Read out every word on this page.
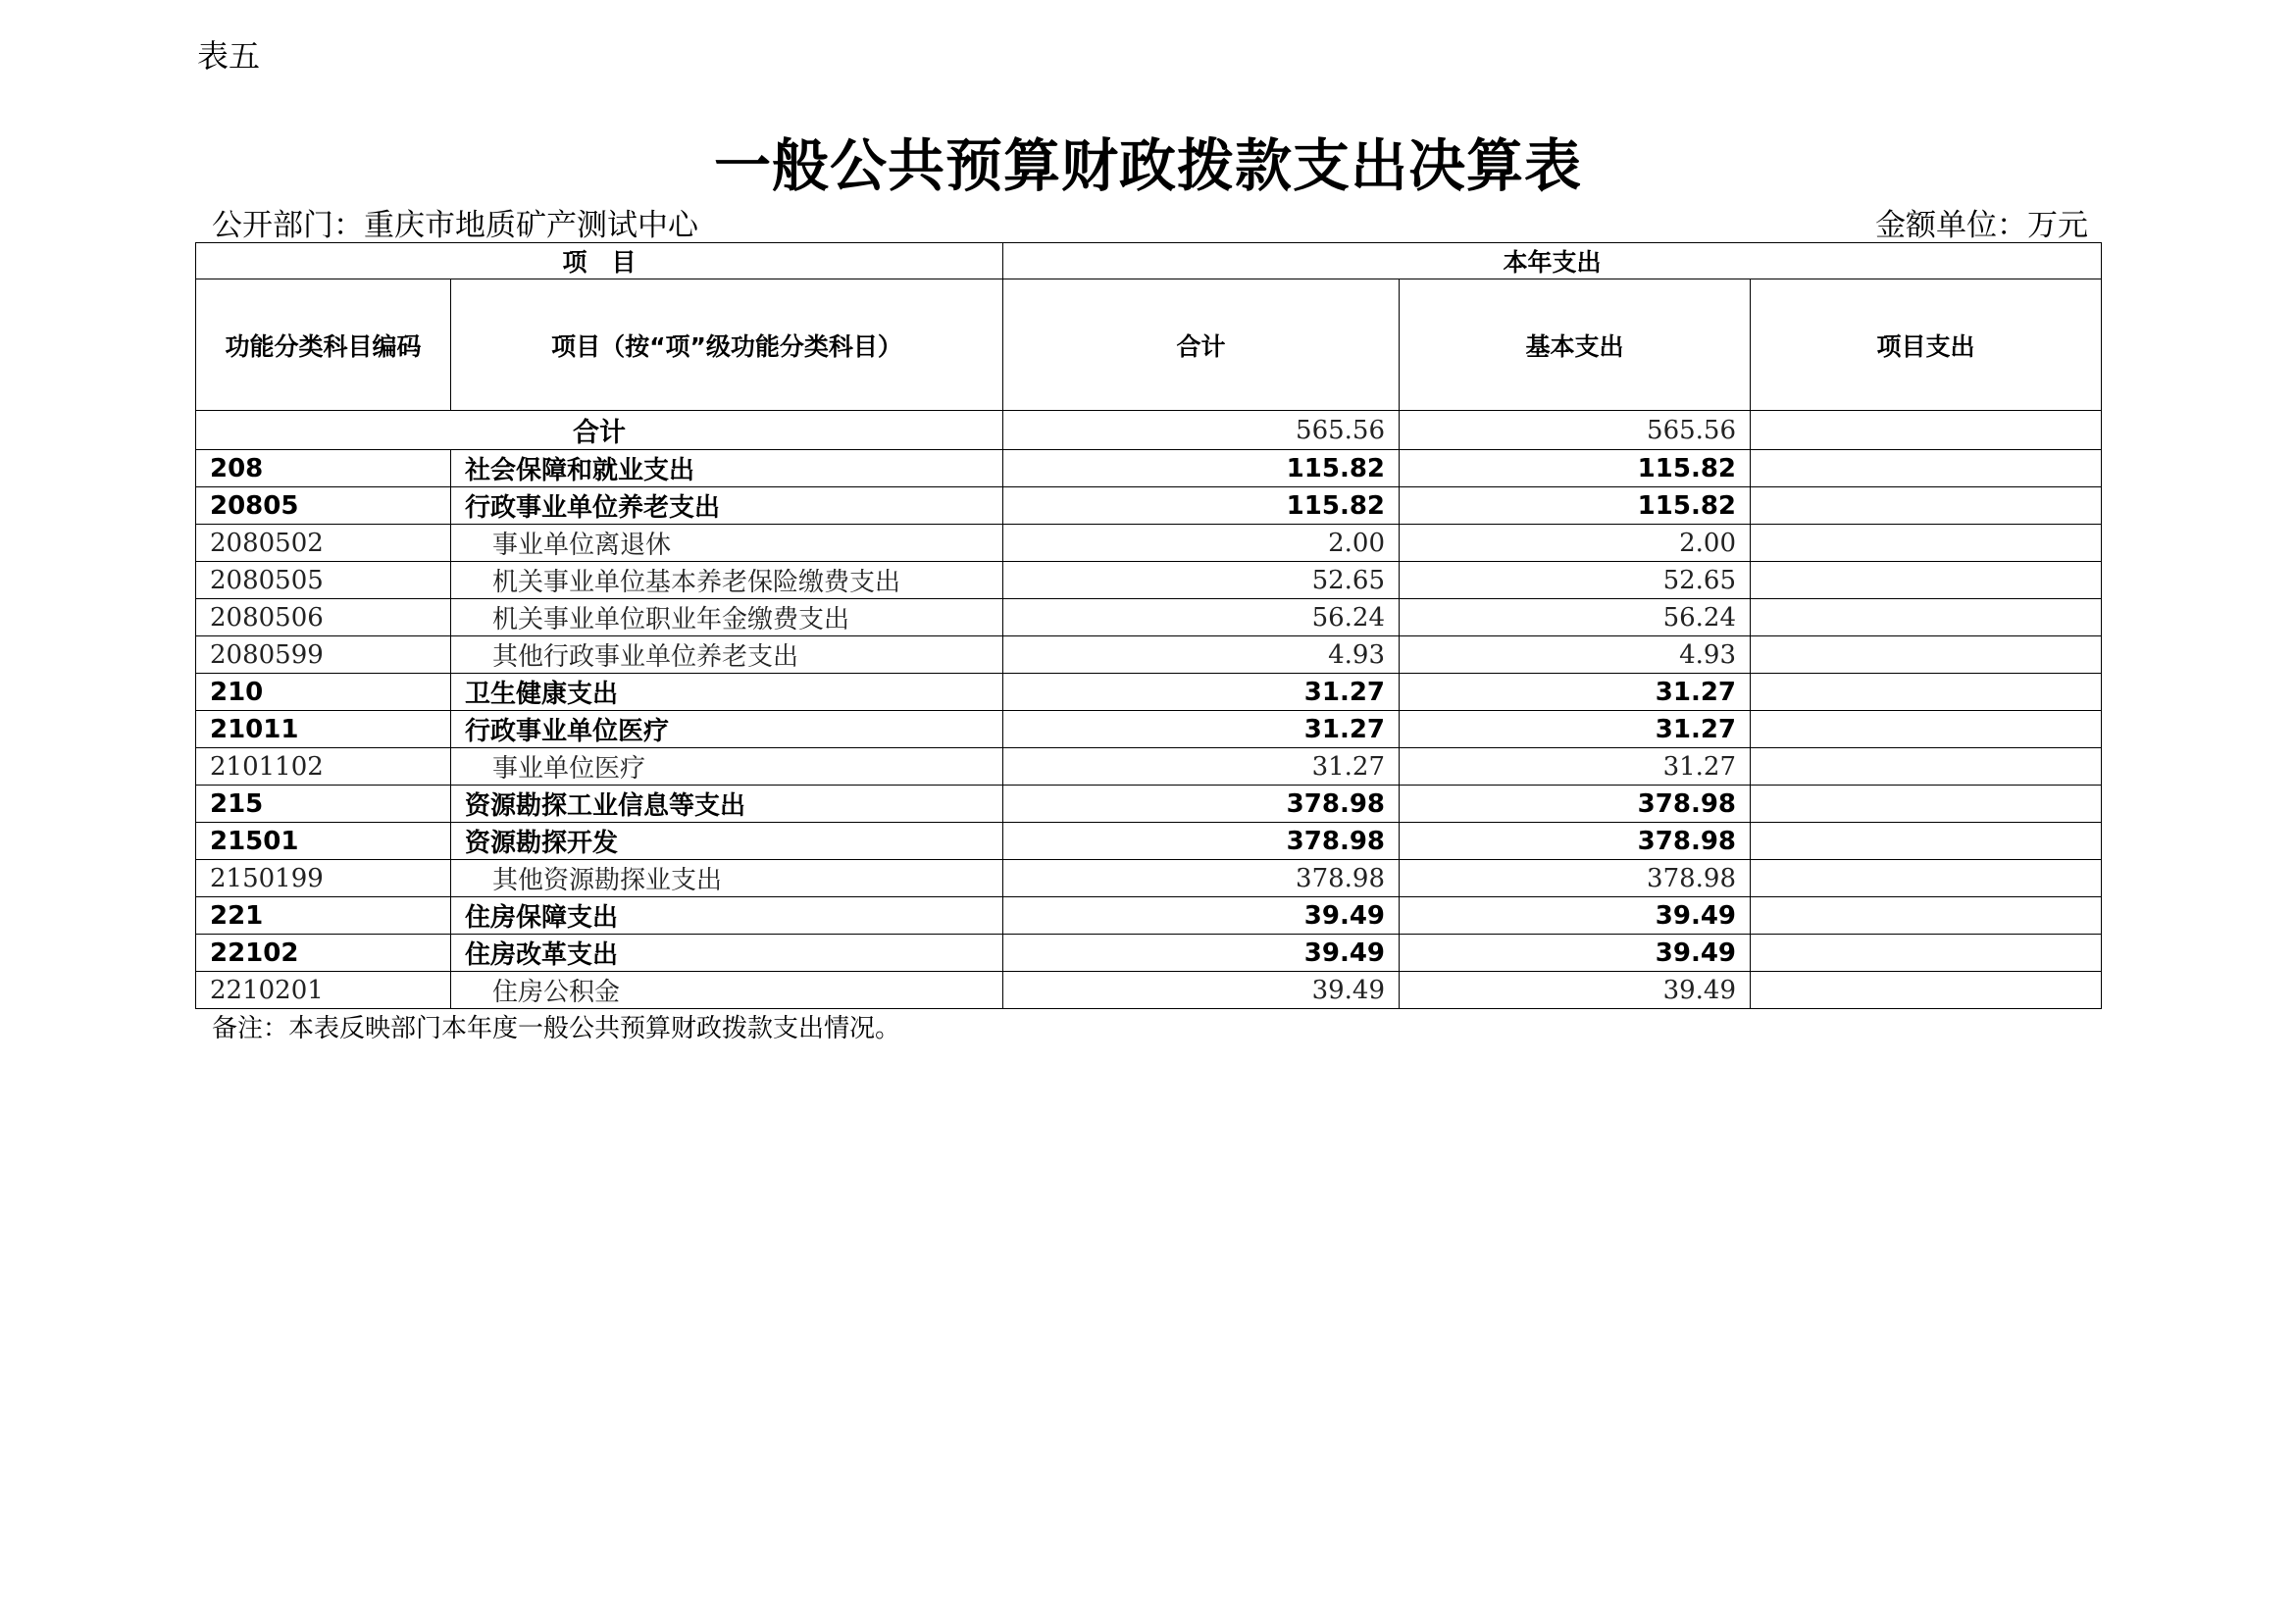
表五
一般公共预算财政拨款支出决算表
公开部门：重庆市地质矿产测试中心	金额单位：万元
项　目		本年支出		
功能分类科目编码	项目（按“项”级功能分类科目）	合计	基本支出	项目支出
合计		565.56	565.56	
208	社会保障和就业支出	115.82	115.82	
20805	行政事业单位养老支出	115.82	115.82	
2080502	事业单位离退休	2.00	2.00	
2080505	机关事业单位基本养老保险缴费支出	52.65	52.65	
2080506	机关事业单位职业年金缴费支出	56.24	56.24	
2080599	其他行政事业单位养老支出	4.93	4.93	
210	卫生健康支出	31.27	31.27	
21011	行政事业单位医疗	31.27	31.27	
2101102	事业单位医疗	31.27	31.27	
215	资源勘探工业信息等支出	378.98	378.98	
21501	资源勘探开发	378.98	378.98	
2150199	其他资源勘探业支出	378.98	378.98	
221	住房保障支出	39.49	39.49	
22102	住房改革支出	39.49	39.49	
2210201	住房公积金	39.49	39.49	
备注：本表反映部门本年度一般公共预算财政拨款支出情况。
